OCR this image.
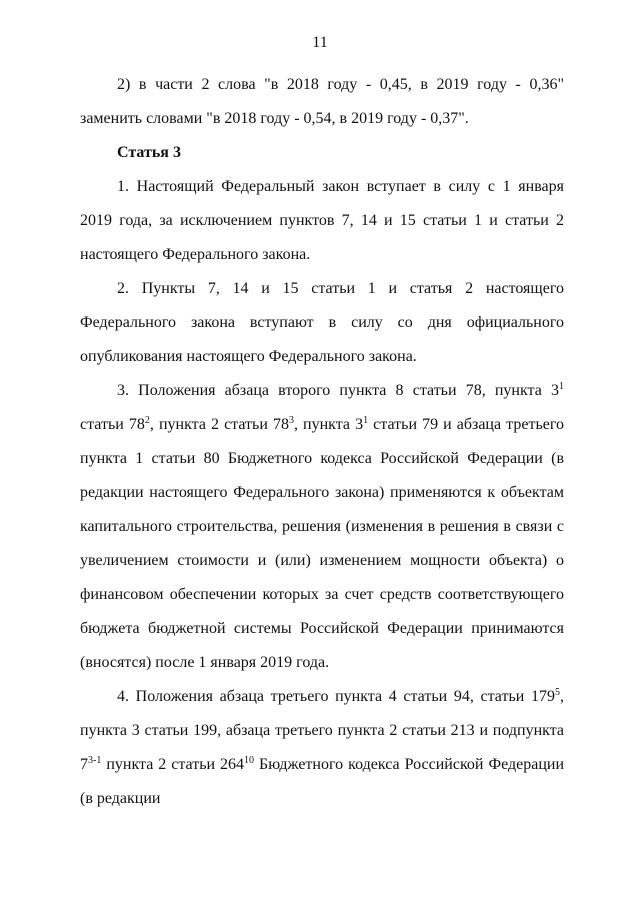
11

2) в части 2 слова "в 2018 году - 0,45, в 2019 году - 0,36" заменить словами "в 2018 году - 0,54, в 2019 году - 0,37".

Статья 3

1. Настоящий Федеральный закон вступает в силу с 1 января 2019 года, за исключением пунктов 7, 14 и 15 статьи 1 и статьи 2 настоящего Федерального закона.

2. Пункты 7, 14 и 15 статьи 1 и статья 2 настоящего Федерального закона вступают в силу со дня официального опубликования настоящего Федерального закона.

3. Положения абзаца второго пункта 8 статьи 78, пункта $3^1$ статьи $78^2$, пункта 2 статьи $78^3$, пункта $3^1$ статьи 79 и абзаца третьего пункта 1 статьи 80 Бюджетного кодекса Российской Федерации (в редакции настоящего Федерального закона) применяются к объектам капитального строительства, решения (изменения в решения в связи с увеличением стоимости и (или) изменением мощности объекта) о финансовом обеспечении которых за счет средств соответствующего бюджета бюджетной системы Российской Федерации принимаются (вносятся) после 1 января 2019 года.

4. Положения абзаца третьего пункта 4 статьи 94, статьи $179^5$, пункта 3 статьи 199, абзаца третьего пункта 2 статьи 213 и подпункта 7$^{3-1}$ пункта 2 статьи $264^{10}$ Бюджетного кодекса Российской Федерации (в редакции
